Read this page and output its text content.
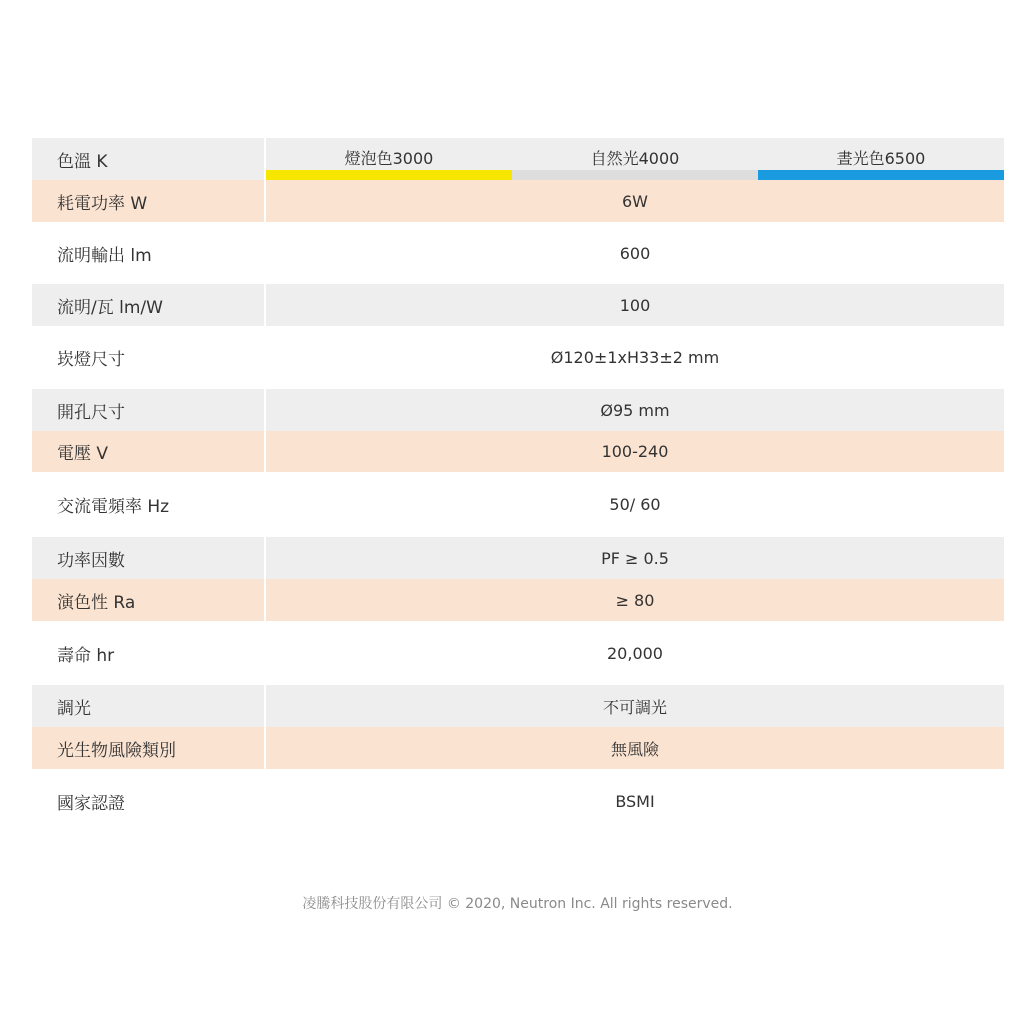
色溫 K	燈泡色3000	自然光4000	晝光色6500
耗電功率 W	6W
流明輸出 lm	600
流明/瓦 lm/W	100
崁燈尺寸	Ø120±1xH33±2 mm
開孔尺寸	Ø95 mm
電壓 V	100-240
交流電頻率 Hz	50/ 60
功率因數	PF ≥ 0.5
演色性 Ra	≥ 80
壽命 hr	20,000
調光	不可調光
光生物風險類別	無風險
國家認證	BSMI
凌騰科技股份有限公司 © 2020, Neutron Inc. All rights reserved.
